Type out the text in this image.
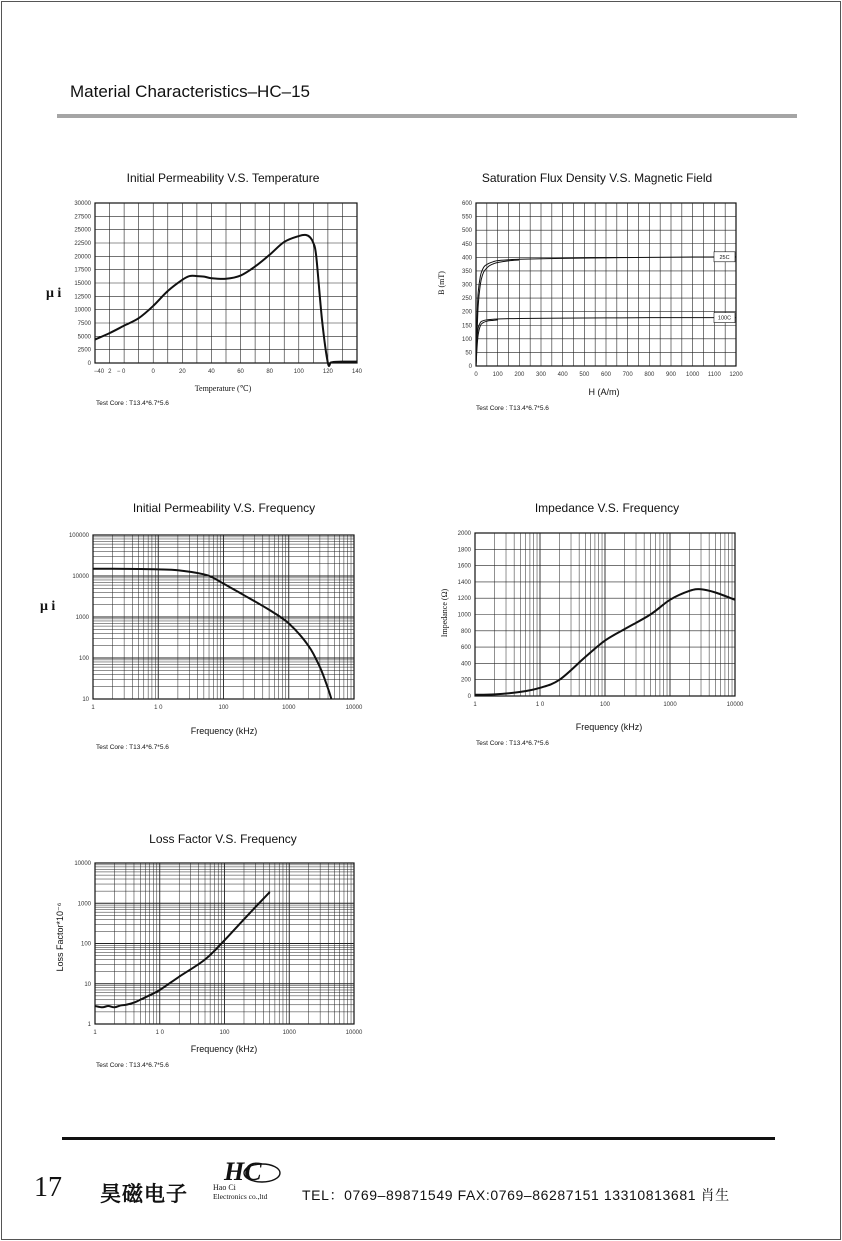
Material Characteristics–HC–15
Initial Permeability V.S. Temperature
−40 2 − 0	0	20	40	60	80	100	120	140
0
2500
5000
7500
10000
12500
15000
17500
20000
22500
25000
27500
30000
Temperature (℃)
μ i
Test Core : T13.4*6.7*5.6
Saturation Flux Density V.S. Magnetic Field
0 100 200 300 400 500 600 700 800 900 1000 1100 1200
0
50
100
150
200
250
300
350
400
450
500
550
600
H (A/m)
B (mT)
Test Core : T13.4*6.7*5.6
25C
100C
Initial Permeability V.S. Frequency
1	1 0	100	1000	10000
10
100
1000
10000
100000
Frequency (kHz)
μ i
Test Core : T13.4*6.7*5.6
Impedance V.S. Frequency
1	1 0	100	1000	10000
0
200
400
600
800
1000
1200
1400
1600
1800
2000
Frequency (kHz)
Impedance (Ω)
Test Core : T13.4*6.7*5.6
Loss Factor V.S. Frequency
1	1 0	100	1000	10000
1
10
100
1000
10000
Frequency (kHz)
Loss Factor*10⁻⁶
Test Core : T13.4*6.7*5.6
17 昊磁电子
HC
Hao Ci
Electronics co.,ltd TEL：0769–89871549 FAX:0769–86287151 13310813681 肖生
